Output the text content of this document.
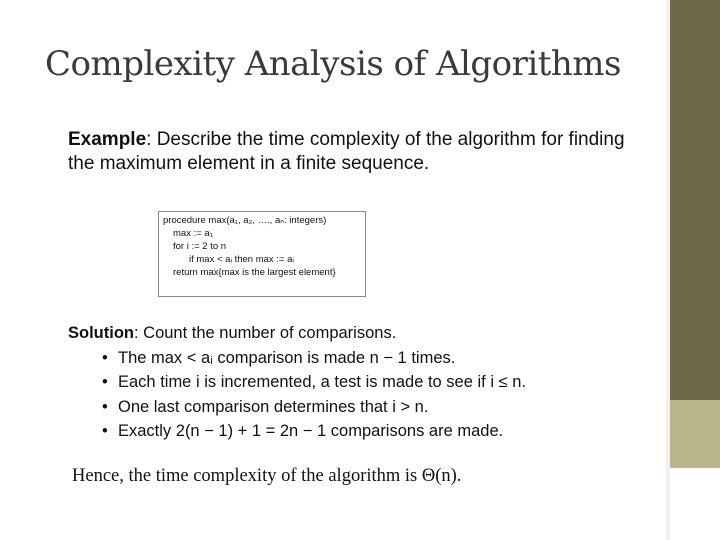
Complexity Analysis of Algorithms
Example: Describe the time complexity of the algorithm for finding the maximum element in a finite sequence.
procedure max(a₁, a₂, …., aₙ: integers)
max := a₁
for i := 2 to n
if max < aᵢ then max := aᵢ
return max{max is the largest element}
Solution: Count the number of comparisons.
• The max < aᵢ comparison is made n − 1 times.
• Each time i is incremented, a test is made to see if i ≤ n.
• One last comparison determines that i > n.
• Exactly 2(n − 1) + 1 = 2n − 1 comparisons are made.
Hence, the time complexity of the algorithm is Θ(n).
